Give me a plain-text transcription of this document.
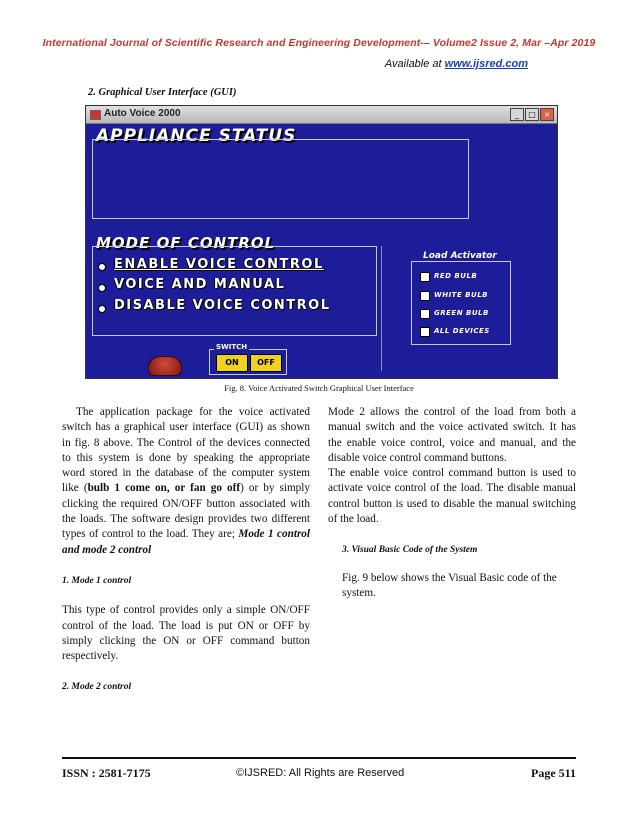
International Journal of Scientific Research and Engineering Development-– Volume2 Issue 2, Mar –Apr 2019
Available at www.ijsred.com
2. Graphical User Interface (GUI)
Auto Voice 2000	_	□ ×
APPLIANCE STATUS
MODE OF CONTROL
ENABLE VOICE CONTROL
VOICE AND MANUAL
DISABLE VOICE CONTROL
Load Activator
RED BULB
WHITE BULB
GREEN BULB
ALL DEVICES
SWITCH
ON	OFF
Fig. 8. Voice Activated Switch Graphical User Interface

The application package for the voice activated switch has a graphical user interface (GUI) as shown in fig. 8 above. The Control of the devices connected to this system is done by speaking the appropriate word stored in the database of the computer system like (bulb 1 come on, or fan go off) or by simply clicking the required ON/OFF button associated with the loads. The software design provides two different types of control to the load. They are; Mode 1 control and mode 2 control

1. Mode 1 control

This type of control provides only a simple ON/OFF control of the load. The load is put ON or OFF by simply clicking the ON or OFF command button respectively.

2. Mode 2 control

Mode 2 allows the control of the load from both a manual switch and the voice activated switch. It has the enable voice control, voice and manual, and the disable voice control command buttons.

The enable voice control command button is used to activate voice control of the load. The disable manual control button is used to disable the manual switching of the load.

3. Visual Basic Code of the System

Fig. 9 below shows the Visual Basic code of the system.

ISSN : 2581-7175	©IJSRED: All Rights are Reserved	Page 511
